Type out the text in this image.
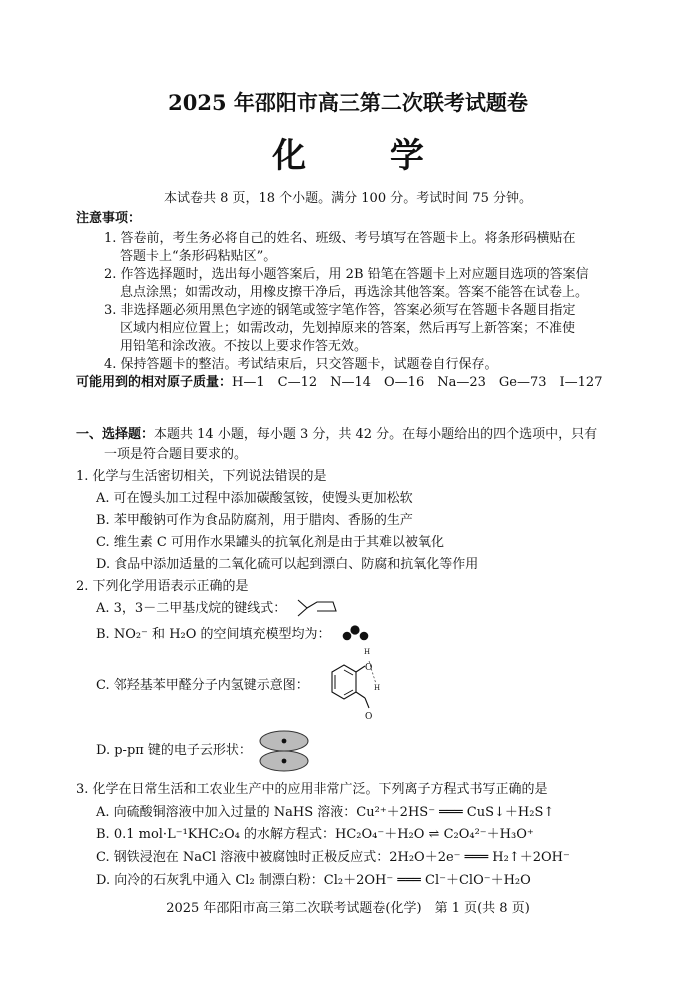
2025 年邵阳市高三第二次联考试题卷
化 学
本试卷共 8 页，18 个小题。满分 100 分。考试时间 75 分钟。
注意事项：
1. 答卷前，考生务必将自己的姓名、班级、考号填写在答题卡上。将条形码横贴在
答题卡上“条形码粘贴区”。
2. 作答选择题时，选出每小题答案后，用 2B 铅笔在答题卡上对应题目选项的答案信
息点涂黑；如需改动，用橡皮擦干净后，再选涂其他答案。答案不能答在试卷上。
3. 非选择题必须用黑色字迹的钢笔或签字笔作答，答案必须写在答题卡各题目指定
区域内相应位置上；如需改动，先划掉原来的答案，然后再写上新答案；不准使
用铅笔和涂改液。不按以上要求作答无效。
4. 保持答题卡的整洁。考试结束后，只交答题卡，试题卷自行保存。
可能用到的相对原子质量：H—1　C—12　N—14　O—16　Na—23　Ge—73　I—127
一、选择题：本题共 14 小题，每小题 3 分，共 42 分。在每小题给出的四个选项中，只有
一项是符合题目要求的。
1. 化学与生活密切相关，下列说法错误的是
A. 可在馒头加工过程中添加碳酸氢铵，使馒头更加松软
B. 苯甲酸钠可作为食品防腐剂，用于腊肉、香肠的生产
C. 维生素 C 可用作水果罐头的抗氧化剂是由于其难以被氧化
D. 食品中添加适量的二氧化硫可以起到漂白、防腐和抗氧化等作用
2. 下列化学用语表示正确的是
A. 3，3－二甲基戊烷的键线式：
B. NO₂⁻ 和 H₂O 的空间填充模型均为：
C. 邻羟基苯甲醛分子内氢键示意图：
O
H
H
O
D. p-pπ 键的电子云形状：
3. 化学在日常生活和工农业生产中的应用非常广泛。下列离子方程式书写正确的是
A. 向硫酸铜溶液中加入过量的 NaHS 溶液：Cu²⁺＋2HS⁻ ═══ CuS↓＋H₂S↑
B. 0.1 mol·L⁻¹KHC₂O₄ 的水解方程式：HC₂O₄⁻＋H₂O ⇌ C₂O₄²⁻＋H₃O⁺
C. 钢铁浸泡在 NaCl 溶液中被腐蚀时正极反应式：2H₂O＋2e⁻ ═══ H₂↑＋2OH⁻
D. 向冷的石灰乳中通入 Cl₂ 制漂白粉：Cl₂＋2OH⁻ ═══ Cl⁻＋ClO⁻＋H₂O
2025 年邵阳市高三第二次联考试题卷(化学)　第 1 页(共 8 页)
